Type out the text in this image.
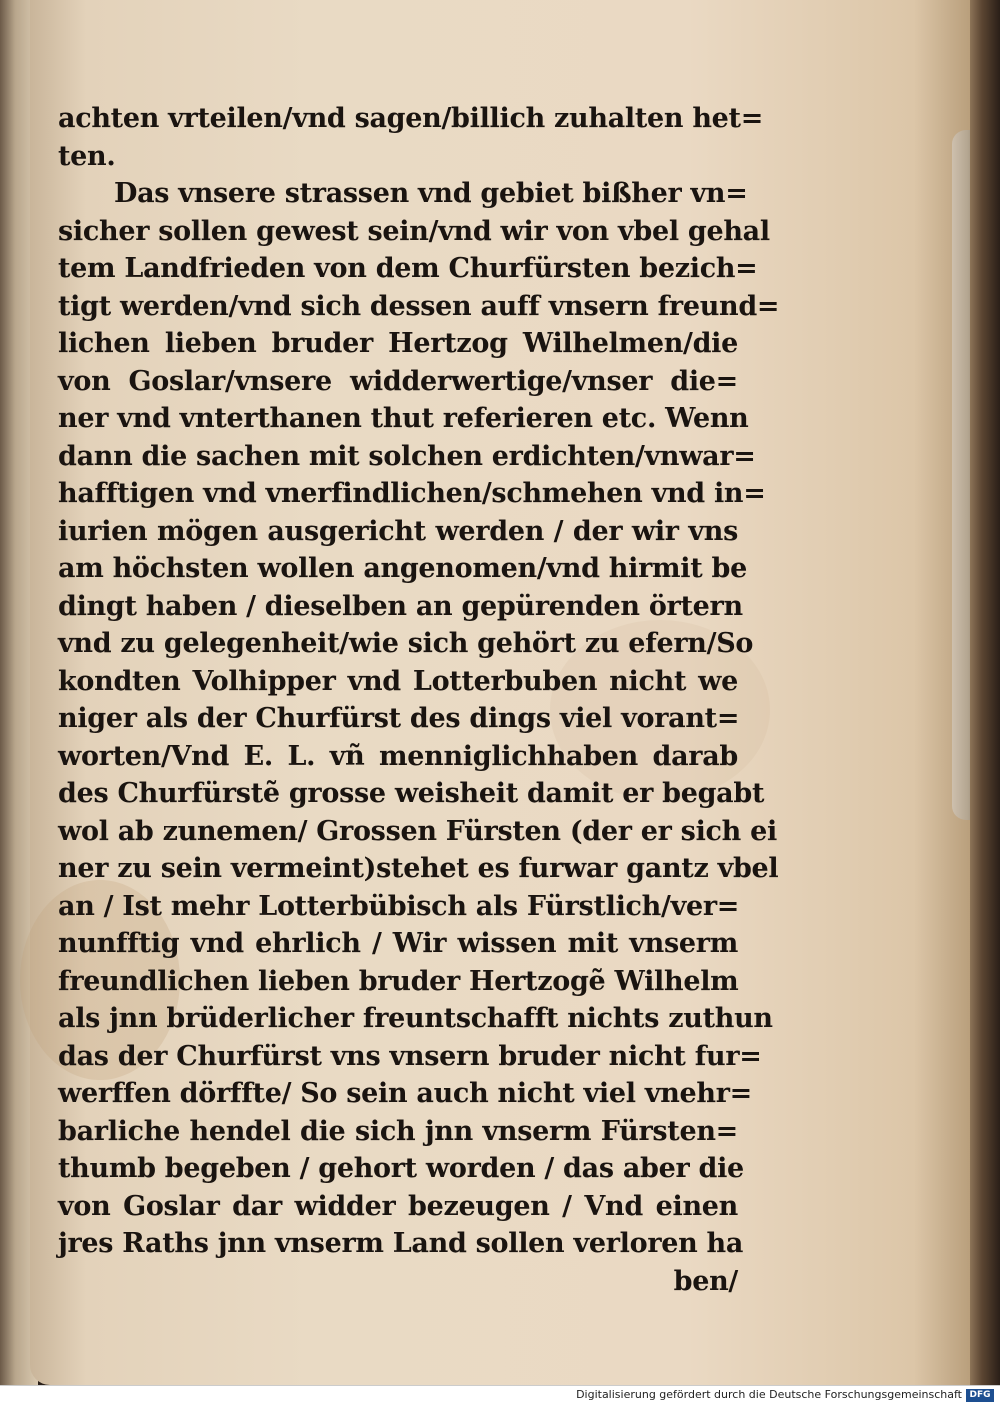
achten vrteilen/vnd sagen/billich zuhalten het=
ten.
Das vnsere strassen vnd gebiet bißher vn=
sicher sollen gewest sein/vnd wir von vbel gehal
tem Landfrieden von dem Churfürsten bezich=
tigt werden/vnd sich dessen auff vnsern freund=
lichen lieben bruder Hertzog Wilhelmen/die
von Goslar/vnsere widderwertige/vnser die=
ner vnd vnterthanen thut referieren etc. Wenn
dann die sachen mit solchen erdichten/vnwar=
hafftigen vnd vnerfindlichen/schmehen vnd in=
iurien mögen ausgericht werden / der wir vns
am höchsten wollen angenomen/vnd hirmit be
dingt haben / dieselben an gepürenden örtern
vnd zu gelegenheit/wie sich gehört zu efern/So
kondten Volhipper vnd Lotterbuben nicht we
niger als der Churfürst des dings viel vorant=
worten/Vnd E. L. vñ menniglichhaben darab
des Churfürstẽ grosse weisheit damit er begabt
wol ab zunemen/ Grossen Fürsten (der er sich ei
ner zu sein vermeint)stehet es furwar gantz vbel
an / Ist mehr Lotterbübisch als Fürstlich/ver=
nunfftig vnd ehrlich / Wir wissen mit vnserm
freundlichen lieben bruder Hertzogẽ Wilhelm
als jnn brüderlicher freuntschafft nichts zuthun
das der Churfürst vns vnsern bruder nicht fur=
werffen dörffte/ So sein auch nicht viel vnehr=
barliche hendel die sich jnn vnserm Fürsten=
thumb begeben / gehort worden / das aber die
von Goslar dar widder bezeugen / Vnd einen
jres Raths jnn vnserm Land sollen verloren ha
ben/
Digitalisierung gefördert durch die Deutsche Forschungsgemeinschaft DFG
